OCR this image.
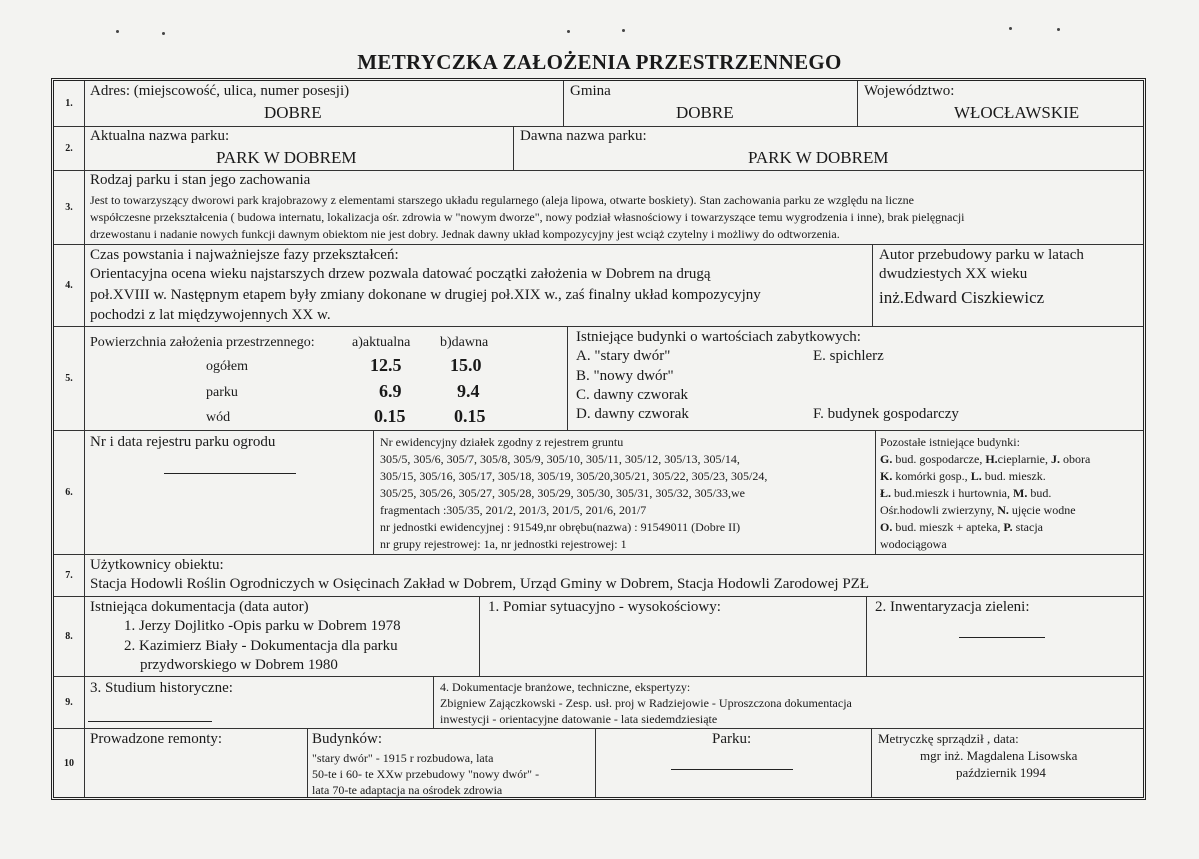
METRYCZKA ZAŁOŻENIA PRZESTRZENNEGO
1.
Adres: (miejscowość, ulica, numer posesji)
DOBRE
Gmina
DOBRE
Województwo:
WŁOCŁAWSKIE
2.
Aktualna nazwa parku:
PARK W DOBREM
Dawna nazwa parku:
PARK W DOBREM
3.
Rodzaj parku i stan jego zachowania
Jest to towarzyszący dworowi park krajobrazowy z elementami starszego układu regularnego (aleja lipowa, otwarte boskiety). Stan zachowania parku ze względu na liczne
współczesne przekształcenia ( budowa internatu, lokalizacja ośr. zdrowia w "nowym dworze", nowy podział własnościowy i towarzyszące temu wygrodzenia i inne), brak pielęgnacji
drzewostanu i nadanie nowych funkcji dawnym obiektom nie jest dobry. Jednak dawny układ kompozycyjny jest wciąż czytelny i możliwy do odtworzenia.
4.
Czas powstania i najważniejsze fazy przekształceń:
Orientacyjna ocena wieku najstarszych drzew pozwala datować początki założenia w Dobrem na drugą
poł.XVIII w. Następnym etapem były zmiany dokonane w drugiej poł.XIX w., zaś finalny układ kompozycyjny
pochodzi z lat międzywojennych XX w.
Autor przebudowy parku w latach
dwudziestych XX wieku
inż.Edward Ciszkiewicz
5.
Powierzchnia założenia przestrzennego:	a)aktualna b)dawna
ogółem	12.5	15.0
parku	6.9	9.4
wód	0.15	0.15
Istniejące budynki o wartościach zabytkowych:
A. "stary dwór"
B. "nowy dwór"
C. dawny czworak
D. dawny czworak
E. spichlerz
F. budynek gospodarczy
6.
Nr i data rejestru parku ogrodu	Nr ewidencyjny działek zgodny z rejestrem gruntu
305/5, 305/6, 305/7, 305/8, 305/9, 305/10, 305/11, 305/12, 305/13, 305/14,
305/15, 305/16, 305/17, 305/18, 305/19, 305/20,305/21, 305/22, 305/23, 305/24,
305/25, 305/26, 305/27, 305/28, 305/29, 305/30, 305/31, 305/32, 305/33,we
fragmentach :305/35, 201/2, 201/3, 201/5, 201/6, 201/7
nr jednostki ewidencyjnej : 91549,nr obrębu(nazwa) : 91549011 (Dobre II)
nr grupy rejestrowej: 1a, nr jednostki rejestrowej: 1
Pozostałe istniejące budynki:
G. bud. gospodarcze, H.cieplarnie, J. obora
K. komórki gosp., L. bud. mieszk.
Ł. bud.mieszk i hurtownia, M. bud.
Ośr.hodowli zwierzyny, N. ujęcie wodne
O. bud. mieszk + apteka, P. stacja
wodociągowa
7.
Użytkownicy obiektu:
Stacja Hodowli Roślin Ogrodniczych w Osięcinach Zakład w Dobrem, Urząd Gminy w Dobrem, Stacja Hodowli Zarodowej PZŁ
8.
Istniejąca dokumentacja (data autor)
1. Jerzy Dojlitko -Opis parku w Dobrem 1978
2. Kazimierz Biały - Dokumentacja dla parku
przydworskiego w Dobrem 1980
1. Pomiar sytuacyjno - wysokościowy:	2. Inwentaryzacja zieleni:
9.
3. Studium historyczne:	4. Dokumentacje branżowe, techniczne, ekspertyzy:
Zbigniew Zajączkowski - Zesp. usł. proj w Radziejowie - Uproszczona dokumentacja
inwestycji - orientacyjne datowanie - lata siedemdziesiąte
10
Prowadzone remonty:	Budynków:
"stary dwór" - 1915 r rozbudowa, lata
50-te i 60- te XXw przebudowy "nowy dwór" -
lata 70-te adaptacja na ośrodek zdrowia
Parku:	Metryczkę sprządził , data:
mgr inż. Magdalena Lisowska
październik 1994
